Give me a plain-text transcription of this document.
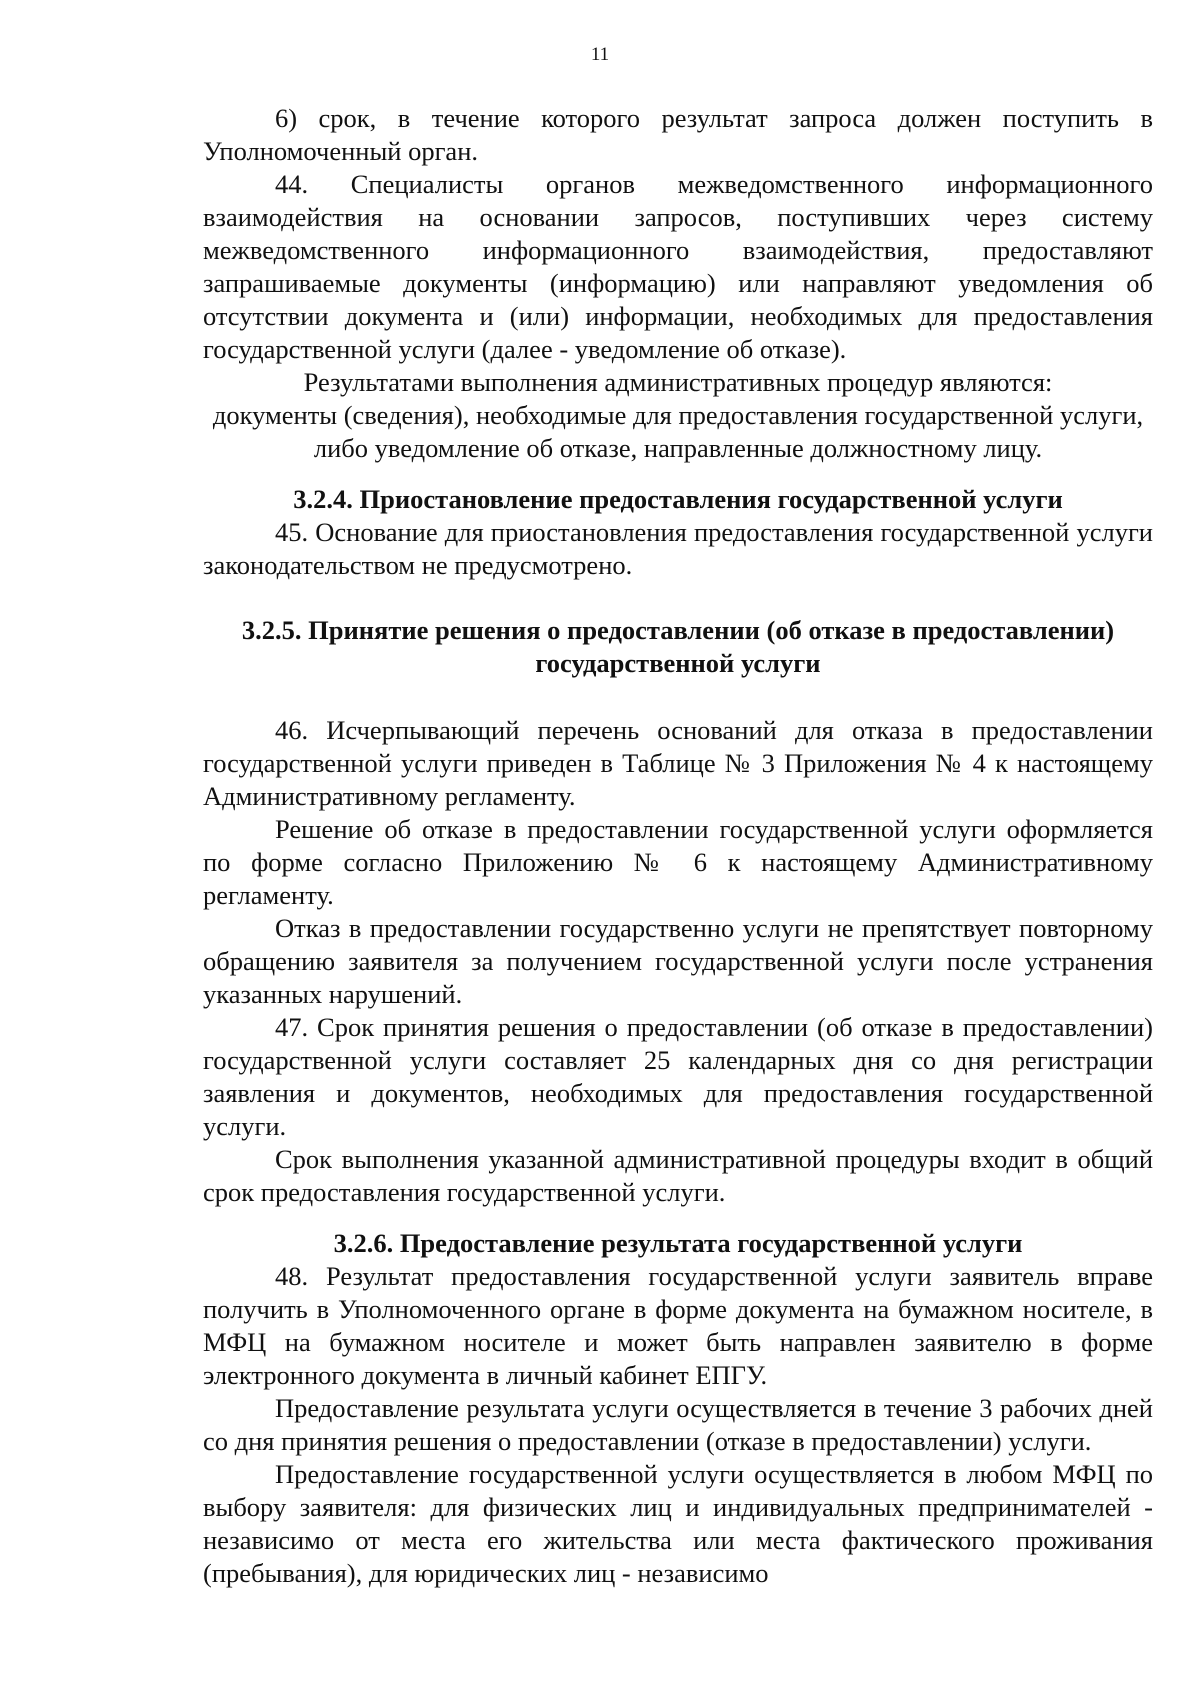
11

6) срок, в течение которого результат запроса должен поступить в Уполномоченный орган.

44. Специалисты органов межведомственного информационного взаимодействия на основании запросов, поступивших через систему межведомственного информационного взаимодействия, предоставляют запрашиваемые документы (информацию) или направляют уведомления об отсутствии документа и (или) информации, необходимых для предоставления государственной услуги (далее - уведомление об отказе).

Результатами выполнения административных процедур являются:

документы (сведения), необходимые для предоставления государственной услуги, либо уведомление об отказе, направленные должностному лицу.

3.2.4. Приостановление предоставления государственной услуги

45. Основание для приостановления предоставления государственной услуги законодательством не предусмотрено.

3.2.5. Принятие решения о предоставлении (об отказе в предоставлении) государственной услуги

46. Исчерпывающий перечень оснований для отказа в предоставлении государственной услуги приведен в Таблице № 3 Приложения № 4 к настоящему Административному регламенту.

Решение об отказе в предоставлении государственной услуги оформляется по форме согласно Приложению № 6 к настоящему Административному регламенту.

Отказ в предоставлении государственно услуги не препятствует повторному обращению заявителя за получением государственной услуги после устранения указанных нарушений.

47. Срок принятия решения о предоставлении (об отказе в предоставлении) государственной услуги составляет 25 календарных дня со дня регистрации заявления и документов, необходимых для предоставления государственной услуги.

Срок выполнения указанной административной процедуры входит в общий срок предоставления государственной услуги.

3.2.6. Предоставление результата государственной услуги

48. Результат предоставления государственной услуги заявитель вправе получить в Уполномоченного органе в форме документа на бумажном носителе, в МФЦ на бумажном носителе и может быть направлен заявителю в форме электронного документа в личный кабинет ЕПГУ.

Предоставление результата услуги осуществляется в течение 3 рабочих дней со дня принятия решения о предоставлении (отказе в предоставлении) услуги.

Предоставление государственной услуги осуществляется в любом МФЦ по выбору заявителя: для физических лиц и индивидуальных предпринимателей - независимо от места его жительства или места фактического проживания (пребывания), для юридических лиц - независимо
